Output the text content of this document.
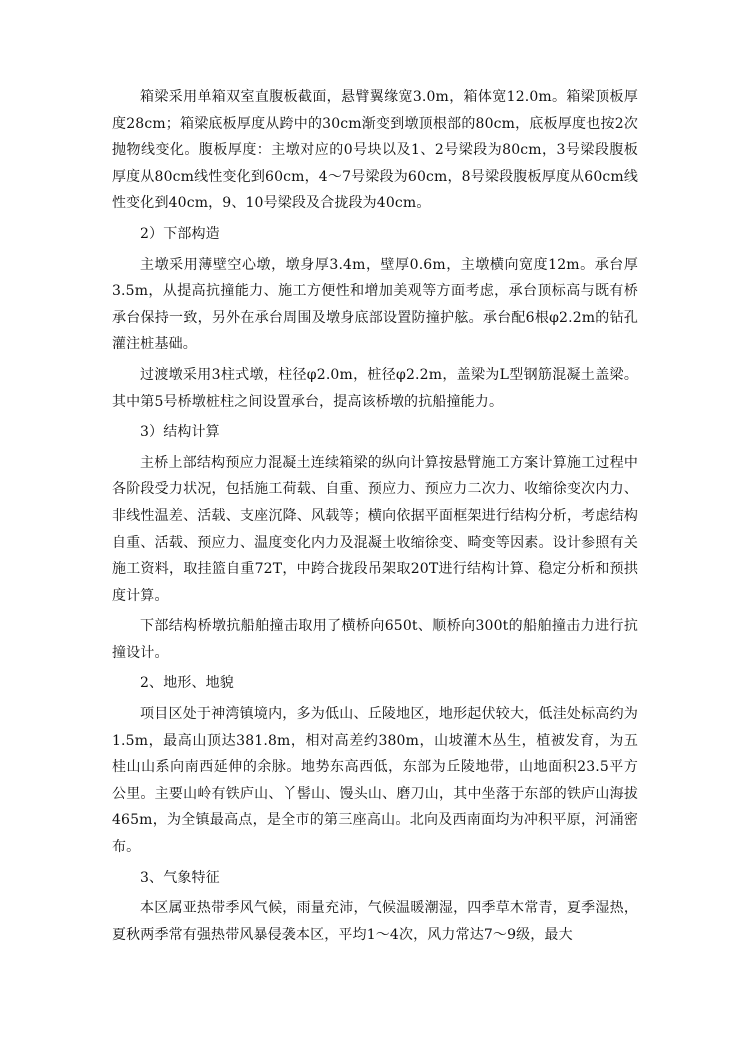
箱梁采用单箱双室直腹板截面，悬臂翼缘宽3.0m，箱体宽12.0m。箱梁顶板厚度28cm；箱梁底板厚度从跨中的30cm渐变到墩顶根部的80cm，底板厚度也按2次抛物线变化。腹板厚度：主墩对应的0号块以及1、2号梁段为80cm，3号梁段腹板厚度从80cm线性变化到60cm，4～7号梁段为60cm，8号梁段腹板厚度从60cm线性变化到40cm，9、10号梁段及合拢段为40cm。

2）下部构造

主墩采用薄壁空心墩，墩身厚3.4m，壁厚0.6m，主墩横向宽度12m。承台厚3.5m，从提高抗撞能力、施工方便性和增加美观等方面考虑，承台顶标高与既有桥承台保持一致，另外在承台周围及墩身底部设置防撞护舷。承台配6根φ2.2m的钻孔灌注桩基础。

过渡墩采用3柱式墩，柱径φ2.0m，桩径φ2.2m，盖梁为L型钢筋混凝土盖梁。其中第5号桥墩桩柱之间设置承台，提高该桥墩的抗船撞能力。

3）结构计算

主桥上部结构预应力混凝土连续箱梁的纵向计算按悬臂施工方案计算施工过程中各阶段受力状况，包括施工荷载、自重、预应力、预应力二次力、收缩徐变次内力、非线性温差、活载、支座沉降、风载等；横向依据平面框架进行结构分析，考虑结构自重、活载、预应力、温度变化内力及混凝土收缩徐变、畸变等因素。设计参照有关施工资料，取挂篮自重72T，中跨合拢段吊架取20T进行结构计算、稳定分析和预拱度计算。

下部结构桥墩抗船舶撞击取用了横桥向650t、顺桥向300t的船舶撞击力进行抗撞设计。

2、地形、地貌

项目区处于神湾镇境内，多为低山、丘陵地区，地形起伏较大，低洼处标高约为1.5m，最高山顶达381.8m，相对高差约380m，山坡灌木丛生，植被发育，为五桂山山系向南西延伸的余脉。地势东高西低，东部为丘陵地带，山地面积23.5平方公里。主要山岭有铁庐山、丫髻山、馒头山、磨刀山，其中坐落于东部的铁庐山海拔465m，为全镇最高点，是全市的第三座高山。北向及西南面均为冲积平原，河涌密布。

3、气象特征

本区属亚热带季风气候，雨量充沛，气候温暖潮湿，四季草木常青，夏季湿热，夏秋两季常有强热带风暴侵袭本区，平均1～4次，风力常达7～9级，最大
